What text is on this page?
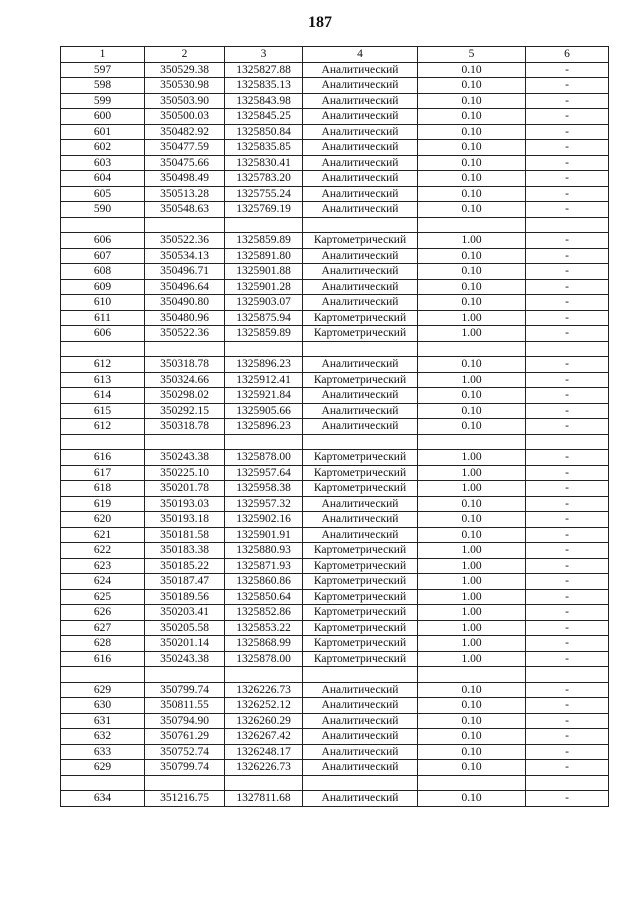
187
1	2	3	4	5	6
597	350529.38	1325827.88	Аналитический	0.10	-
598	350530.98	1325835.13	Аналитический	0.10	-
599	350503.90	1325843.98	Аналитический	0.10	-
600	350500.03	1325845.25	Аналитический	0.10	-
601	350482.92	1325850.84	Аналитический	0.10	-
602	350477.59	1325835.85	Аналитический	0.10	-
603	350475.66	1325830.41	Аналитический	0.10	-
604	350498.49	1325783.20	Аналитический	0.10	-
605	350513.28	1325755.24	Аналитический	0.10	-
590	350548.63	1325769.19	Аналитический	0.10	-

606	350522.36	1325859.89	Картометрический	1.00	-
607	350534.13	1325891.80	Аналитический	0.10	-
608	350496.71	1325901.88	Аналитический	0.10	-
609	350496.64	1325901.28	Аналитический	0.10	-
610	350490.80	1325903.07	Аналитический	0.10	-
611	350480.96	1325875.94	Картометрический	1.00	-
606	350522.36	1325859.89	Картометрический	1.00	-

612	350318.78	1325896.23	Аналитический	0.10	-
613	350324.66	1325912.41	Картометрический	1.00	-
614	350298.02	1325921.84	Аналитический	0.10	-
615	350292.15	1325905.66	Аналитический	0.10	-
612	350318.78	1325896.23	Аналитический	0.10	-

616	350243.38	1325878.00	Картометрический	1.00	-
617	350225.10	1325957.64	Картометрический	1.00	-
618	350201.78	1325958.38	Картометрический	1.00	-
619	350193.03	1325957.32	Аналитический	0.10	-
620	350193.18	1325902.16	Аналитический	0.10	-
621	350181.58	1325901.91	Аналитический	0.10	-
622	350183.38	1325880.93	Картометрический	1.00	-
623	350185.22	1325871.93	Картометрический	1.00	-
624	350187.47	1325860.86	Картометрический	1.00	-
625	350189.56	1325850.64	Картометрический	1.00	-
626	350203.41	1325852.86	Картометрический	1.00	-
627	350205.58	1325853.22	Картометрический	1.00	-
628	350201.14	1325868.99	Картометрический	1.00	-
616	350243.38	1325878.00	Картометрический	1.00	-

629	350799.74	1326226.73	Аналитический	0.10	-
630	350811.55	1326252.12	Аналитический	0.10	-
631	350794.90	1326260.29	Аналитический	0.10	-
632	350761.29	1326267.42	Аналитический	0.10	-
633	350752.74	1326248.17	Аналитический	0.10	-
629	350799.74	1326226.73	Аналитический	0.10	-

634	351216.75	1327811.68	Аналитический	0.10	-
